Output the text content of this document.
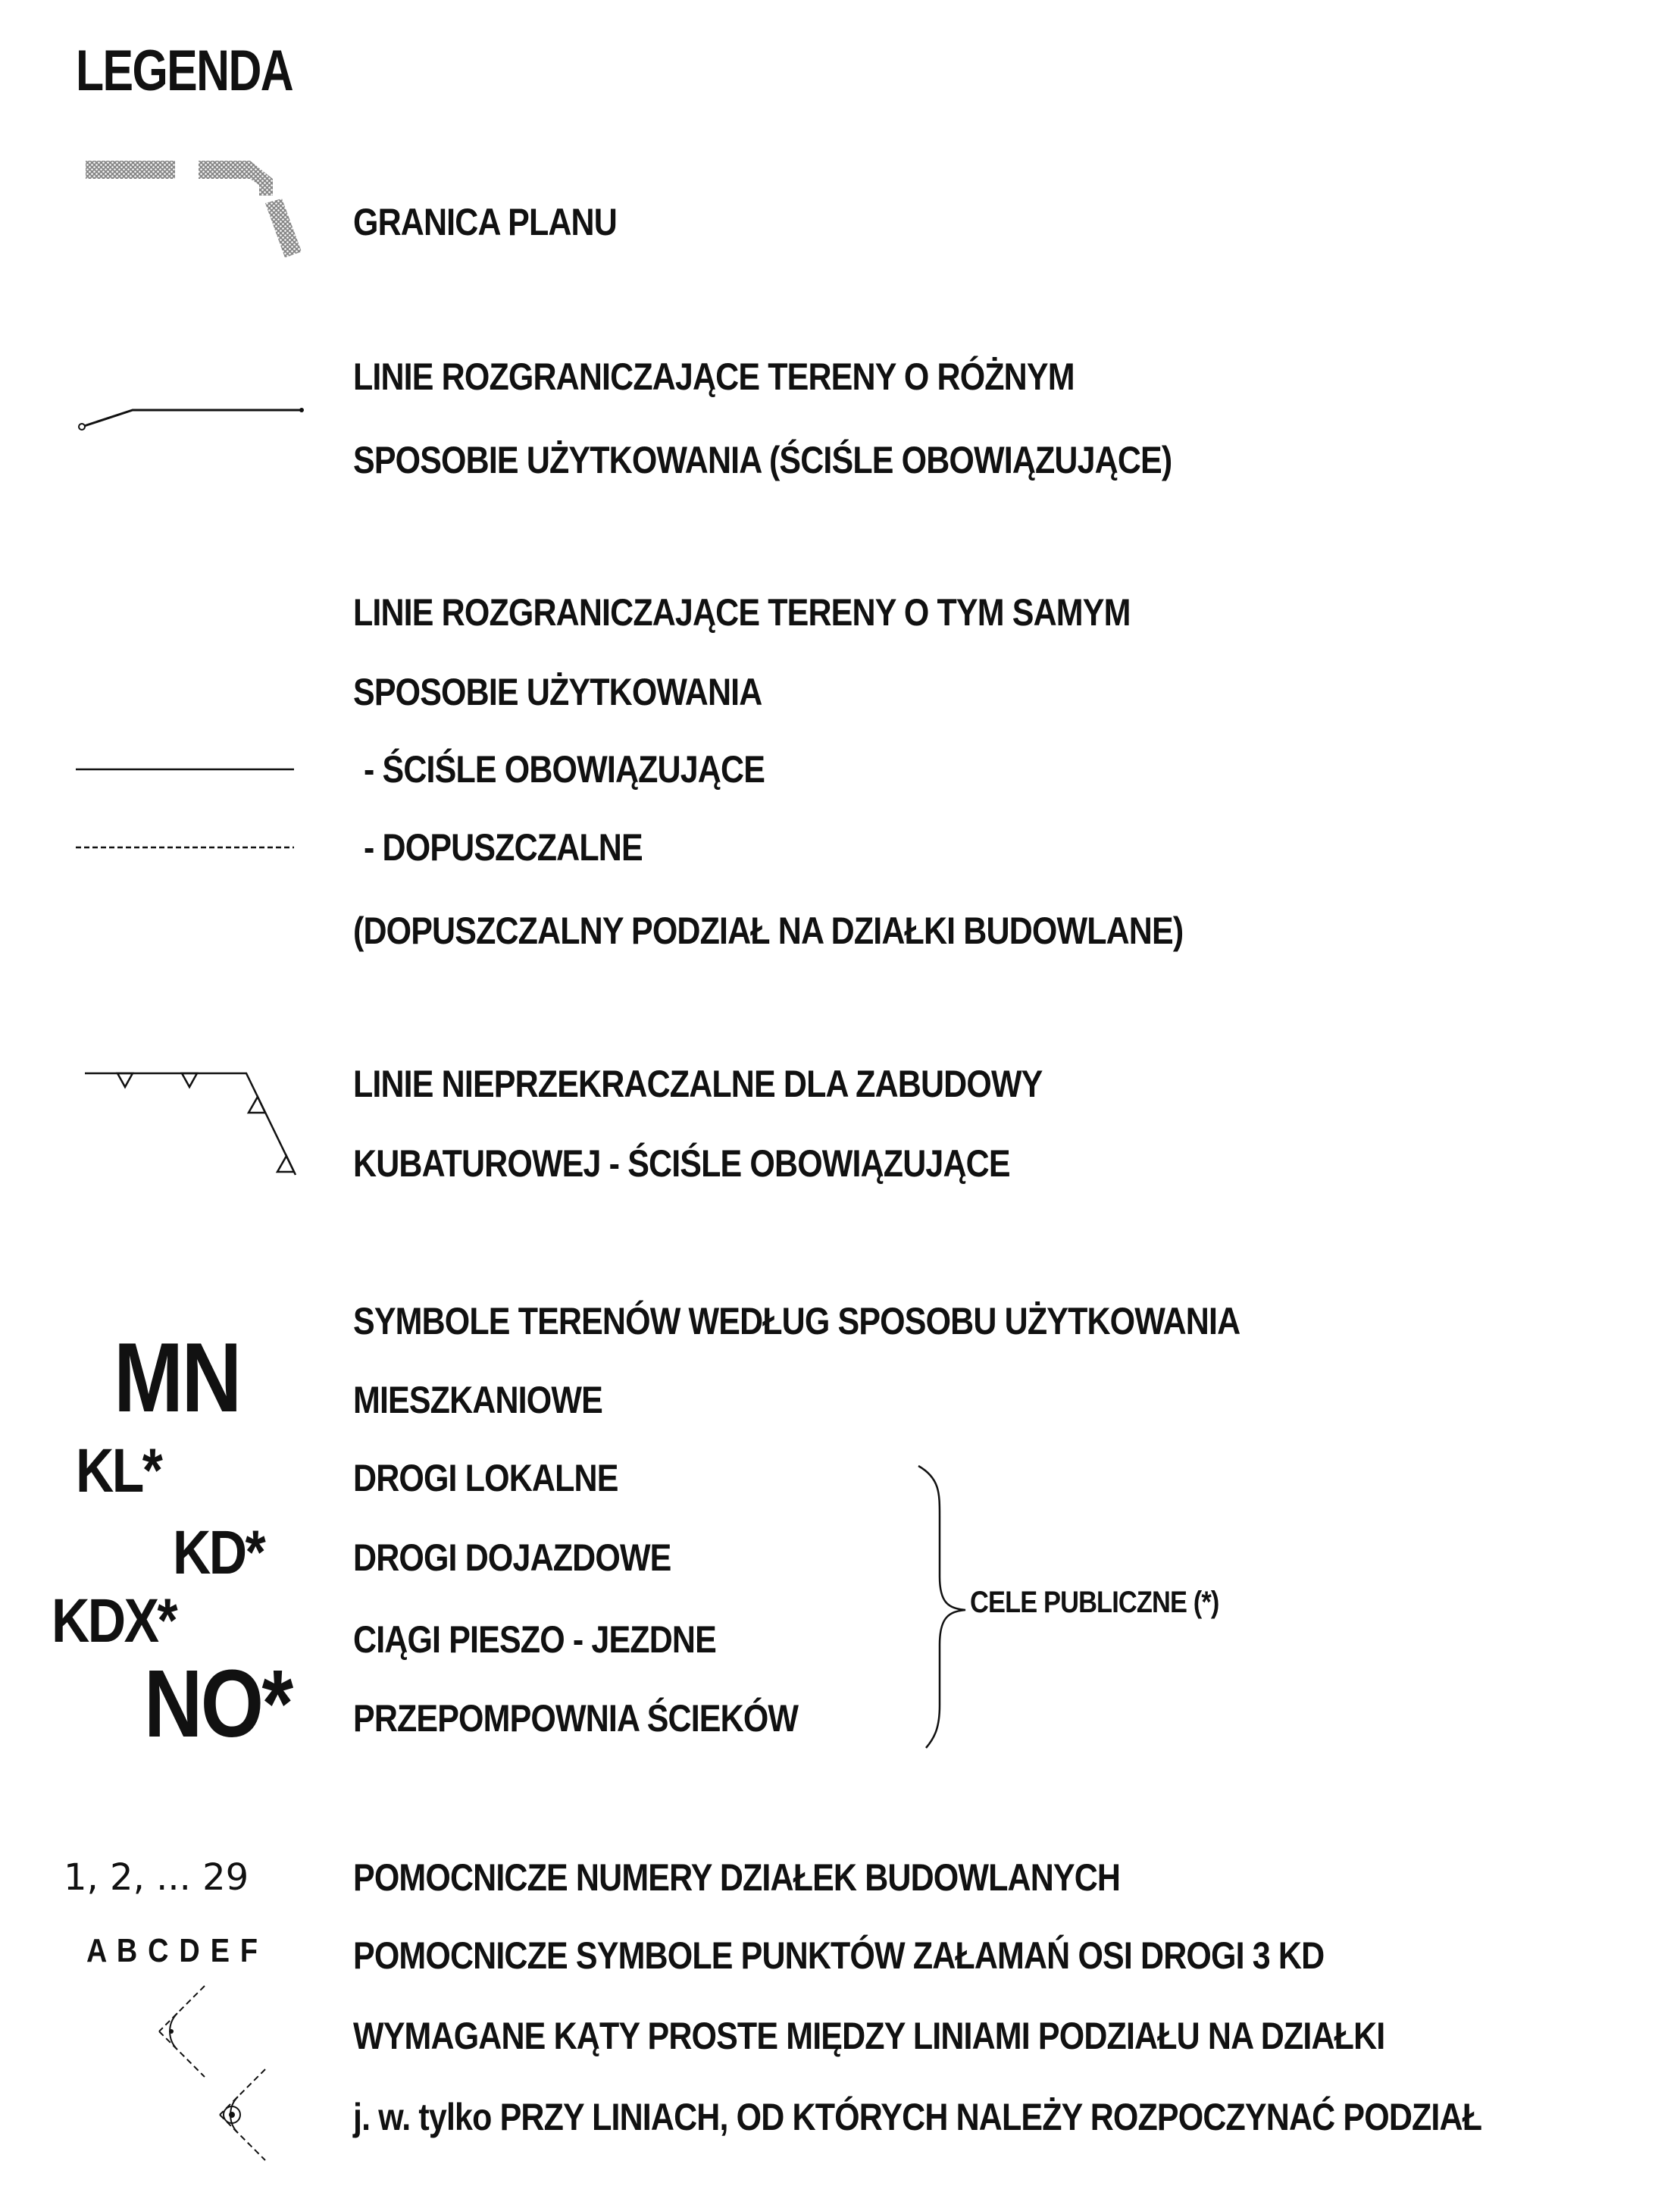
LEGENDA
GRANICA PLANU
LINIE ROZGRANICZAJĄCE TERENY O RÓŻNYM
SPOSOBIE UŻYTKOWANIA (ŚCIŚLE OBOWIĄZUJĄCE)
LINIE ROZGRANICZAJĄCE TERENY O TYM SAMYM
SPOSOBIE UŻYTKOWANIA
- ŚCIŚLE OBOWIĄZUJĄCE
- DOPUSZCZALNE
(DOPUSZCZALNY PODZIAŁ NA DZIAŁKI BUDOWLANE)
LINIE NIEPRZEKRACZALNE DLA ZABUDOWY
KUBATUROWEJ - ŚCIŚLE OBOWIĄZUJĄCE
SYMBOLE TERENÓW WEDŁUG SPOSOBU UŻYTKOWANIA
MN	MIESZKANIOWE
KL*	DROGI LOKALNE
KD* DROGI DOJAZDOWE
KDX*	CIĄGI PIESZO - JEZDNE
NO* PRZEPOMPOWNIA ŚCIEKÓW
CELE PUBLICZNE (*)
1, 2, ... 29	POMOCNICZE NUMERY DZIAŁEK BUDOWLANYCH
A B C D E F POMOCNICZE SYMBOLE PUNKTÓW ZAŁAMAŃ OSI DROGI 3 KD
WYMAGANE KĄTY PROSTE MIĘDZY LINIAMI PODZIAŁU NA DZIAŁKI
j. w. tylko PRZY LINIACH, OD KTÓRYCH NALEŻY ROZPOCZYNAĆ PODZIAŁ
